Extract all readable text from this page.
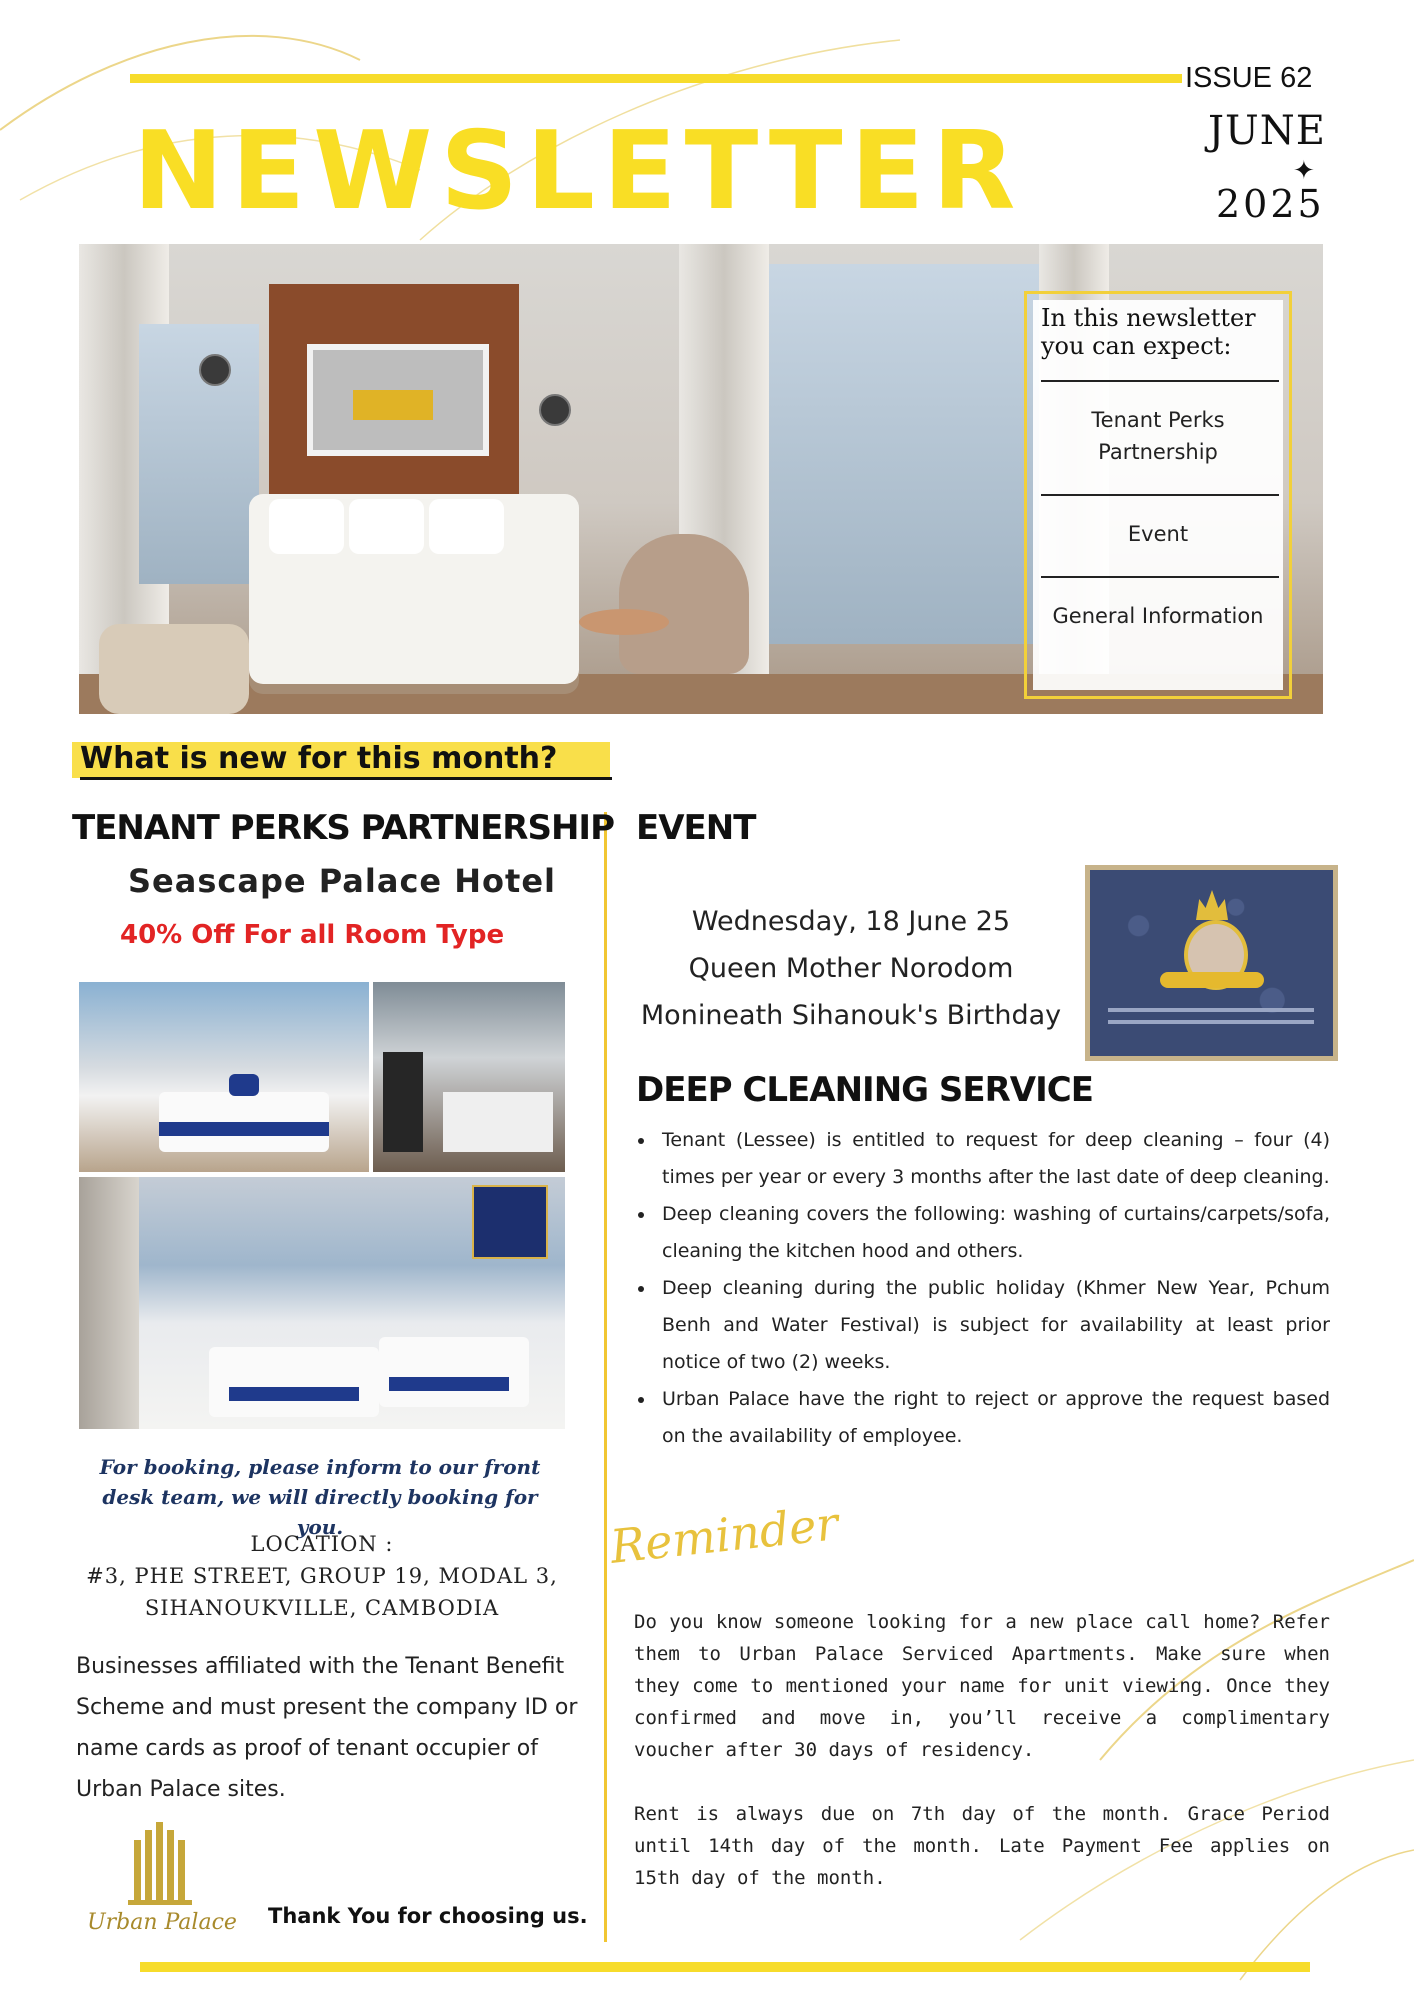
NEWSLETTER
ISSUE 62
JUNE
✦
2025
In this newsletter you can expect:
Tenant Perks Partnership
Event
General Information
What is new for this month?
TENANT PERKS PARTNERSHIP
Seascape Palace Hotel
40% Off For all Room Type
For booking, please inform to our front desk team, we will directly booking for you.
LOCATION :
#3, PHE STREET, GROUP 19, MODAL 3,
SIHANOUKVILLE, CAMBODIA
Businesses affiliated with the Tenant Benefit Scheme and must present the company ID or name cards as proof of tenant occupier of Urban Palace sites.
Urban Palace Thank You for choosing us.
EVENT
Wednesday, 18 June 25
Queen Mother Norodom
Monineath Sihanouk's Birthday
DEEP CLEANING SERVICE
• Tenant (Lessee) is entitled to request for deep cleaning – four (4) times per year or every 3 months after the last date of deep cleaning.
• Deep cleaning covers the following: washing of curtains/carpets/sofa, cleaning the kitchen hood and others.
• Deep cleaning during the public holiday (Khmer New Year, Pchum Benh and Water Festival) is subject for availability at least prior notice of two (2) weeks.
• Urban Palace have the right to reject or approve the request based on the availability of employee.
Reminder
Do you know someone looking for a new place call home? Refer them to Urban Palace Serviced Apartments. Make sure when they come to mentioned your name for unit viewing. Once they confirmed and move in, you’ll receive a complimentary voucher after 30 days of residency.
Rent is always due on 7th day of the month. Grace Period until 14th day of the month. Late Payment Fee applies on 15th day of the month.
